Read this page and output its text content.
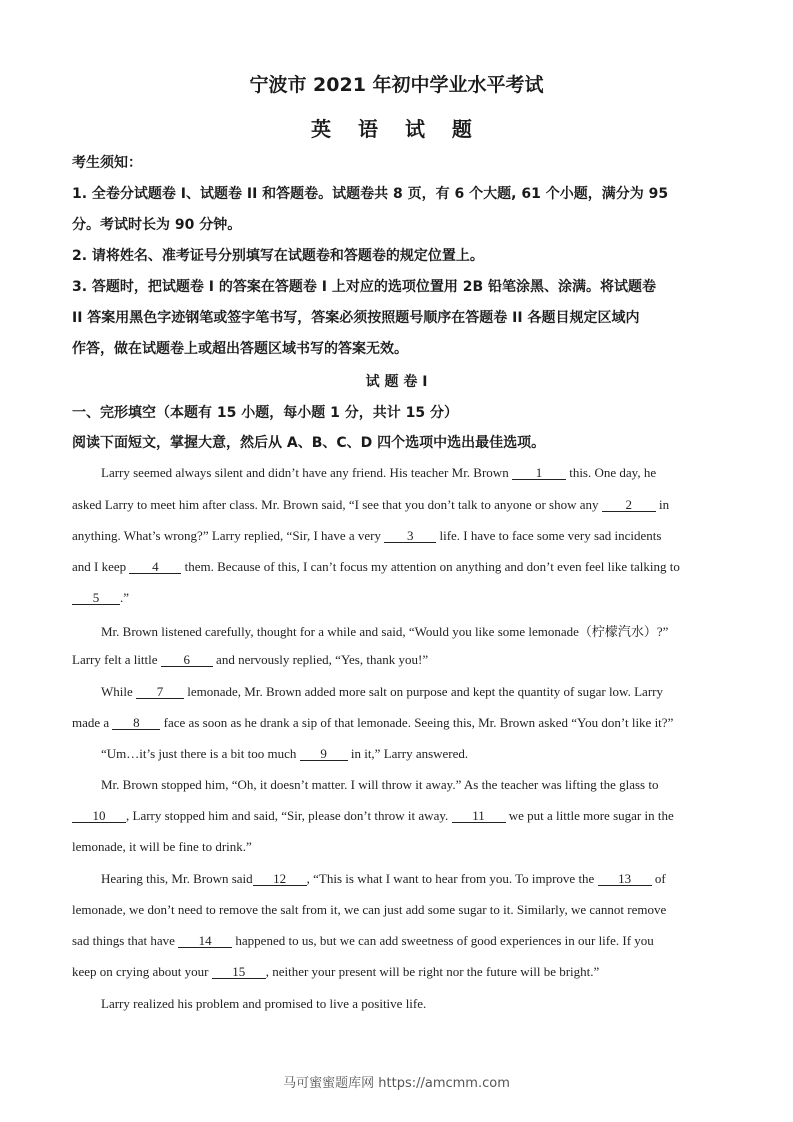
宁波市 2021 年初中学业水平考试
英 语 试 题
考生须知：
1. 全卷分试题卷 I、试题卷 II 和答题卷。试题卷共 8 页，有 6 个大题, 61 个小题，满分为 95
分。考试时长为 90 分钟。
2. 请将姓名、准考证号分别填写在试题卷和答题卷的规定位置上。
3. 答题时，把试题卷 I 的答案在答题卷 I 上对应的选项位置用 2B 铅笔涂黑、涂满。将试题卷
II 答案用黑色字迹钢笔或签字笔书写，答案必须按照题号顺序在答题卷 II 各题目规定区域内
作答，做在试题卷上或超出答题区域书写的答案无效。
试 题 卷 I
一、完形填空（本题有 15 小题，每小题 1 分，共计 15 分）
阅读下面短文，掌握大意，然后从 A、B、C、D 四个选项中选出最佳选项。
Larry seemed always silent and didn’t have any friend. His teacher Mr. Brown 1 this. One day, he
asked Larry to meet him after class. Mr. Brown said, “I see that you don’t talk to anyone or show any 2 in
anything. What’s wrong?” Larry replied, “Sir, I have a very 3 life. I have to face some very sad incidents
and I keep 4 them. Because of this, I can’t focus my attention on anything and don’t even feel like talking to
5 .”
Mr. Brown listened carefully, thought for a while and said, “Would you like some lemonade（柠檬汽水）?”
Larry felt a little 6 and nervously replied, “Yes, thank you!”
While 7 lemonade, Mr. Brown added more salt on purpose and kept the quantity of sugar low. Larry
made a 8 face as soon as he drank a sip of that lemonade. Seeing this, Mr. Brown asked “You don’t like it?”
“Um…it’s just there is a bit too much 9 in it,” Larry answered.
Mr. Brown stopped him, “Oh, it doesn’t matter. I will throw it away.” As the teacher was lifting the glass to
10 , Larry stopped him and said, “Sir, please don’t throw it away. 11 we put a little more sugar in the
lemonade, it will be fine to drink.”
Hearing this, Mr. Brown said 12 , “This is what I want to hear from you. To improve the 13 of
lemonade, we don’t need to remove the salt from it, we can just add some sugar to it. Similarly, we cannot remove
sad things that have 14 happened to us, but we can add sweetness of good experiences in our life. If you
keep on crying about your 15 , neither your present will be right nor the future will be bright.”
Larry realized his problem and promised to live a positive life.
马可蜜蜜题库网 https://amcmm.com
